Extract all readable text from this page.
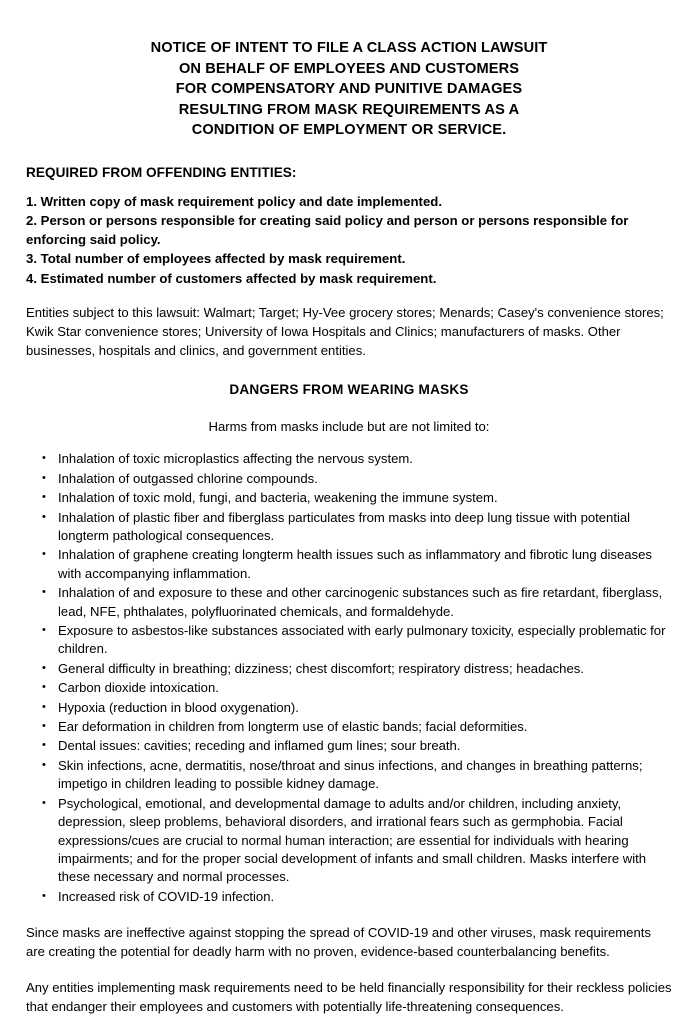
NOTICE OF INTENT TO FILE A CLASS ACTION LAWSUIT
ON BEHALF OF EMPLOYEES AND CUSTOMERS
FOR COMPENSATORY AND PUNITIVE DAMAGES
RESULTING FROM MASK REQUIREMENTS AS A
CONDITION OF EMPLOYMENT OR SERVICE.
REQUIRED FROM OFFENDING ENTITIES:
1. Written copy of mask requirement policy and date implemented.
2. Person or persons responsible for creating said policy and person or persons responsible for enforcing said policy.
3. Total number of employees affected by mask requirement.
4. Estimated number of customers affected by mask requirement.

Entities subject to this lawsuit: Walmart; Target; Hy-Vee grocery stores; Menards; Casey's convenience stores; Kwik Star convenience stores; University of Iowa Hospitals and Clinics; manufacturers of masks. Other businesses, hospitals and clinics, and government entities.

DANGERS FROM WEARING MASKS

Harms from masks include but are not limited to:

• Inhalation of toxic microplastics affecting the nervous system.
• Inhalation of outgassed chlorine compounds.
• Inhalation of toxic mold, fungi, and bacteria, weakening the immune system.
• Inhalation of plastic fiber and fiberglass particulates from masks into deep lung tissue with potential longterm pathological consequences.
• Inhalation of graphene creating longterm health issues such as inflammatory and fibrotic lung diseases with accompanying inflammation.
• Inhalation of and exposure to these and other carcinogenic substances such as fire retardant, fiberglass, lead, NFE, phthalates, polyfluorinated chemicals, and formaldehyde.
• Exposure to asbestos-like substances associated with early pulmonary toxicity, especially problematic for children.
• General difficulty in breathing; dizziness; chest discomfort; respiratory distress; headaches.
• Carbon dioxide intoxication.
• Hypoxia (reduction in blood oxygenation).
• Ear deformation in children from longterm use of elastic bands; facial deformities.
• Dental issues: cavities; receding and inflamed gum lines; sour breath.
• Skin infections, acne, dermatitis, nose/throat and sinus infections, and changes in breathing patterns; impetigo in children leading to possible kidney damage.
• Psychological, emotional, and developmental damage to adults and/or children, including anxiety, depression, sleep problems, behavioral disorders, and irrational fears such as germphobia. Facial expressions/cues are crucial to normal human interaction; are essential for individuals with hearing impairments; and for the proper social development of infants and small children. Masks interfere with these necessary and normal processes.
• Increased risk of COVID-19 infection.

Since masks are ineffective against stopping the spread of COVID-19 and other viruses, mask requirements are creating the potential for deadly harm with no proven, evidence-based counterbalancing benefits.

Any entities implementing mask requirements need to be held financially responsibility for their reckless policies that endanger their employees and customers with potentially life-threatening consequences.
